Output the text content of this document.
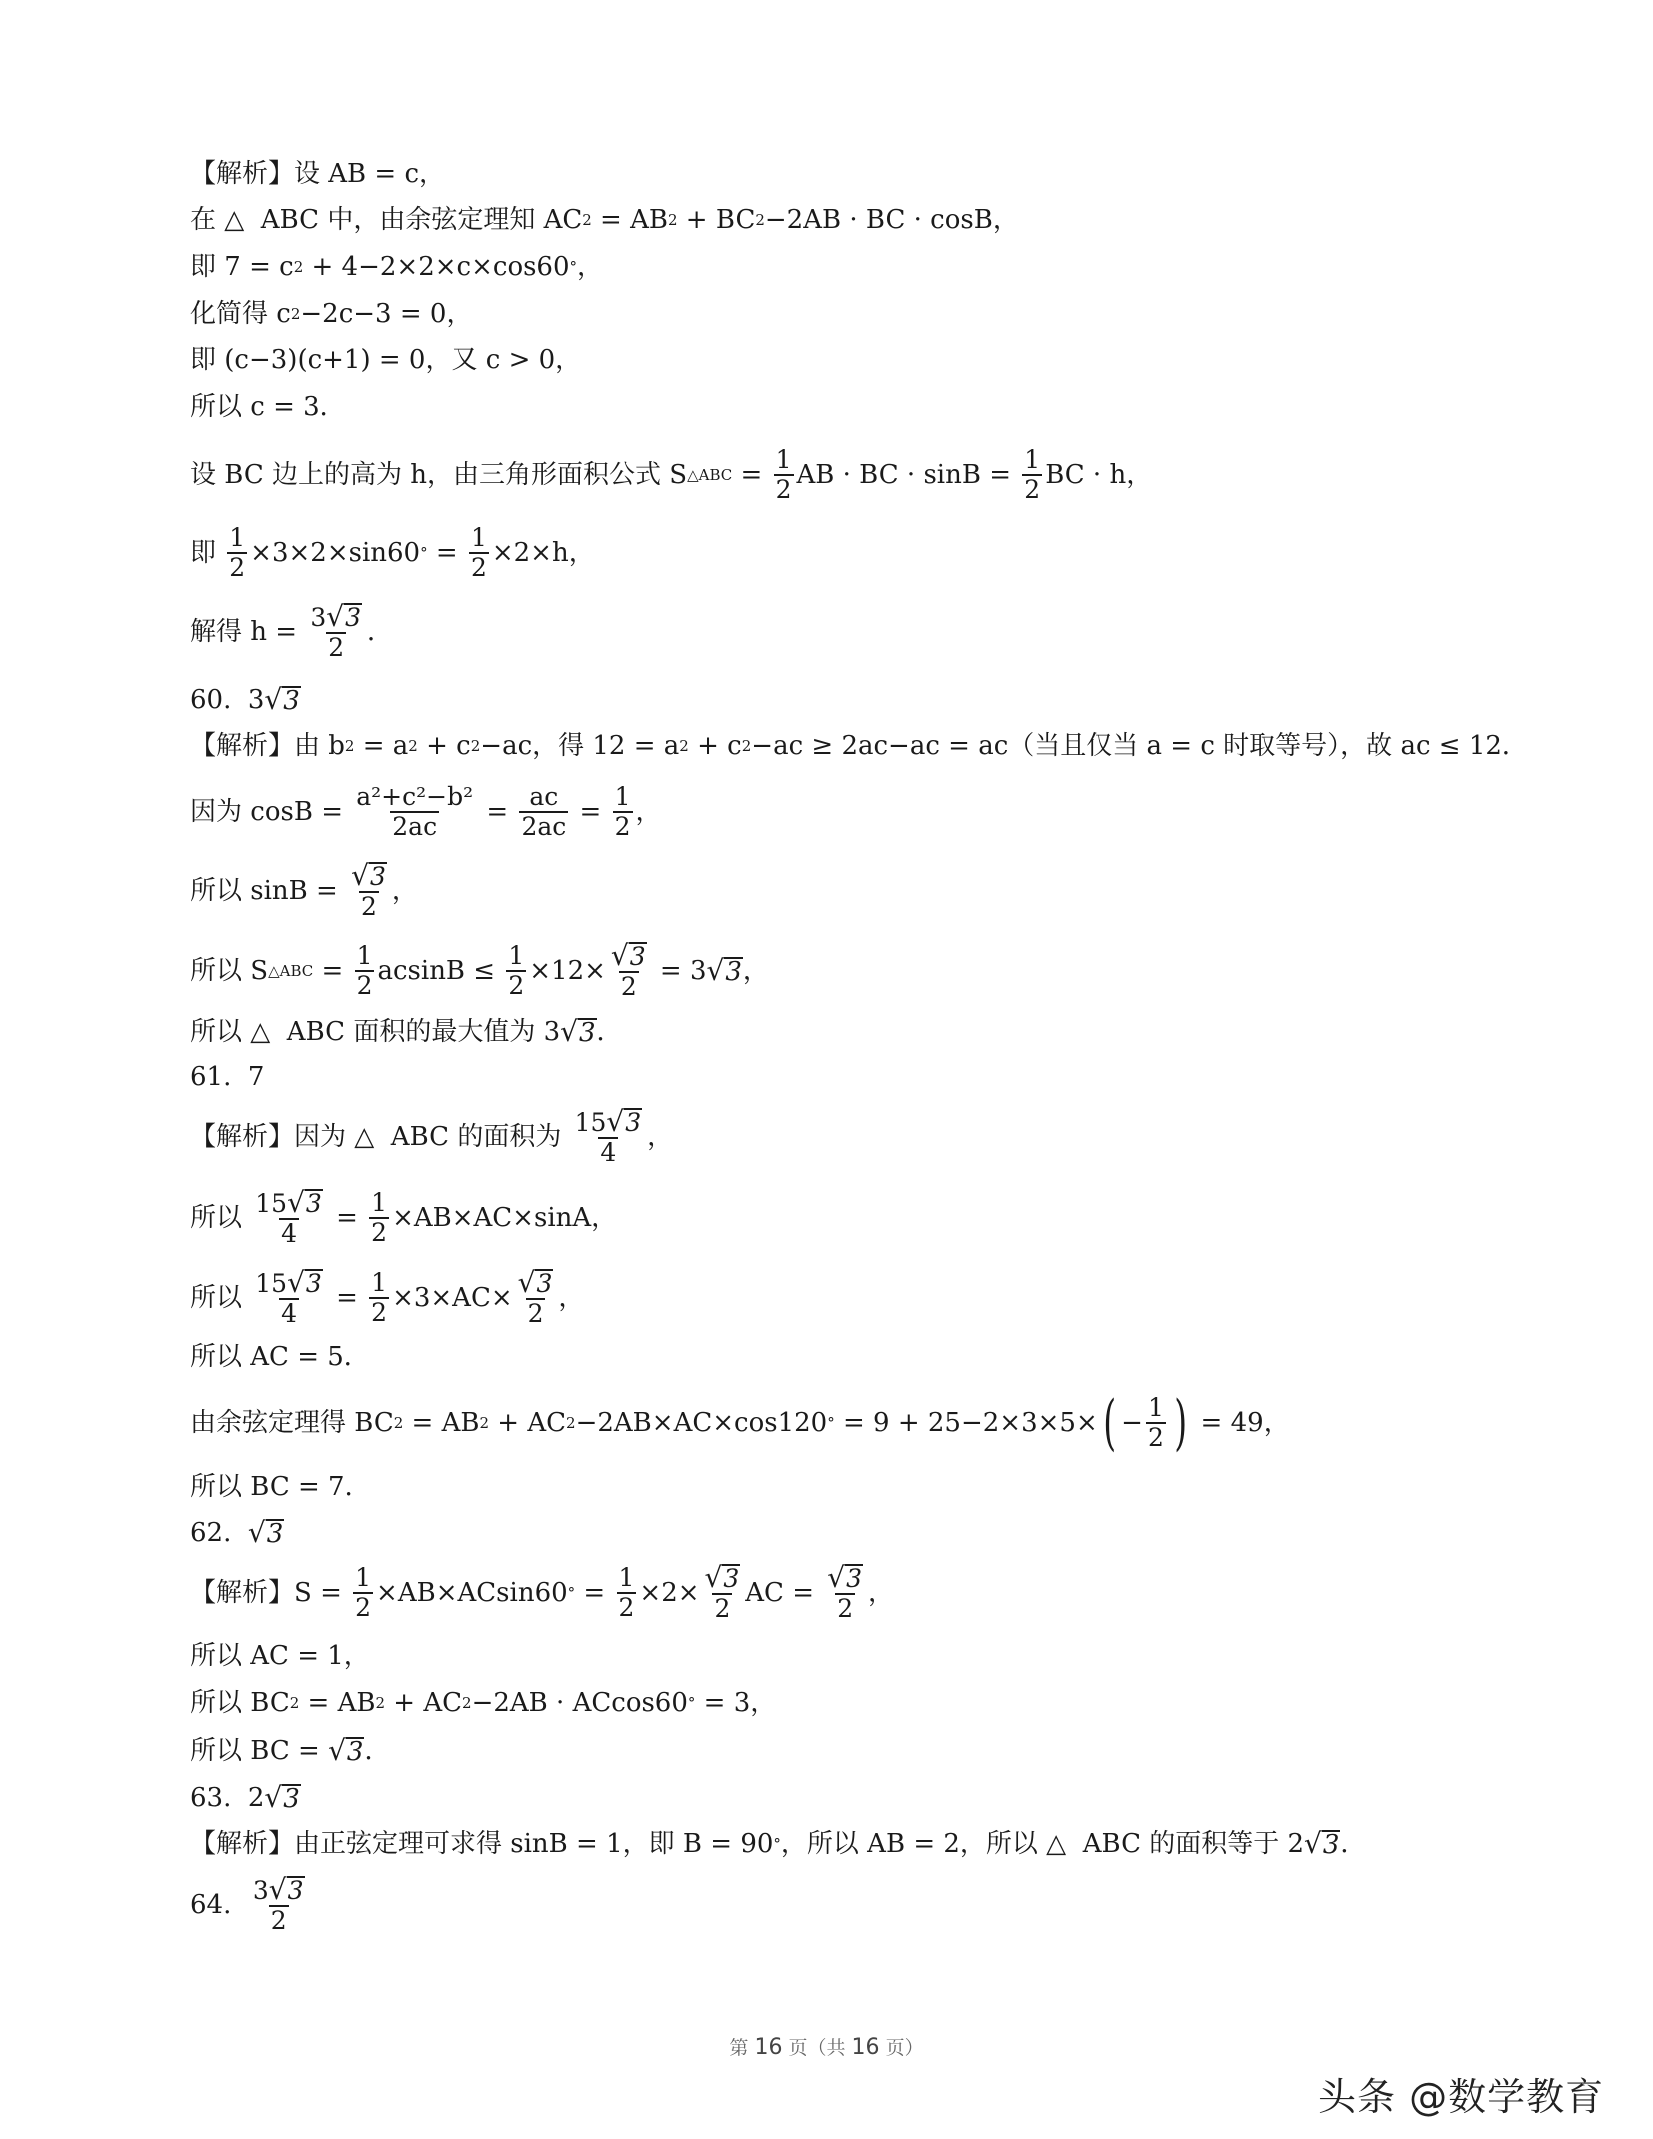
【解析】设 AB = c，
在 △  ABC 中，由余弦定理知 AC 2 = AB 2 + BC 2 −2AB · BC · cosB，
即 7 = c 2 + 4−2×2×c×cos60 ° ，
化简得 c 2 −2c−3 = 0，
即 (c−3)(c+1) = 0，又 c > 0，
所以 c = 3．
设 BC 边上的高为 h，由三角形面积公式 S △ABC = $\frac{1}{2}$ AB · BC · $\sin B = \frac{1}{2}$ BC · h，
即 $\frac{1}{2} \times 3\times 2\times\sin 60$ ° = $\frac{1}{2} \times 2\times h$，
解得 $h = \frac{3 √ 3}{2}$ ．
60.  3 √ 3
【解析】由 b 2 = a 2 + c 2 −ac，得 12 = a 2 + c 2 −ac ≥ 2ac−ac = ac（当且仅当 a = c 时取等号），故 ac ≤ 12．
因为 $\cos B = \frac{\text{a²+c²−b²}}{2ac} = \frac{ac}{2ac} = \frac{1}{2}$ ，
所以 $\sin B = \frac{√ 3}{2}$ ，
所以 S △ABC = $\frac{1}{2}$ $acsinB \le \frac{1}{2} \times 12\times \frac{√ 3}{2} = 3$ √ 3 ，
所以 △  ABC 面积的最大值为 3 √ 3 ．
61.  7
【解析】因为 △  ABC 的面积为 $\frac{15 √ 3}{4}$ ，
所以 $\frac{15 √ 3}{4} = \frac{1}{2} \times AB\times AC\times\sin A$，
所以 $\frac{15 √ 3}{4} = \frac{1}{2} \times 3\times AC\times \frac{√ 3}{2}$ ，
所以 AC = 5．
由余弦定理得 BC 2 = AB 2 + AC 2 −2AB×AC×cos120 ° = 9 + 25−2×3×5× ( − $\frac{1}{2}$ ) = 49，
所以 BC = 7．
62. √ 3
【解析】$S = \frac{1}{2} \times AB\times ACsin60$ ° = $\frac{1}{2} \times 2\times \frac{√ 3}{2}$ AC = $\frac{√ 3}{2}$ ，
所以 AC = 1，
所以 BC 2 = AB 2 + AC 2 −2AB · ACcos60 ° = 3，
所以 BC = √ 3 ．
63.  2 √ 3
【解析】由正弦定理可求得 sinB = 1，即 B = 90 ° ，所以 AB = 2，所以 △  ABC 的面积等于 2 √ 3 ．
64. $\frac{3 √ 3}{2}$
第 16 页（共 16 页）
头条 @数学教育
